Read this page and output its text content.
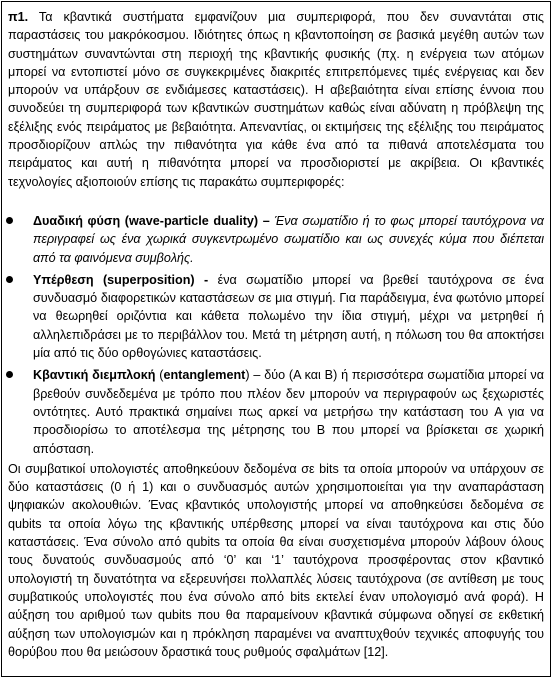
π1. Τα κβαντικά συστήματα εμφανίζουν μια συμπεριφορά, που δεν συναντάται στις παραστάσεις του μακρόκοσμου. Ιδιότητες όπως η κβαντοποίηση σε βασικά μεγέθη αυτών των συστημάτων συναντώνται στη περιοχή της κβαντικής φυσικής (πχ. η ενέργεια των ατόμων μπορεί να εντοπιστεί μόνο σε συγκεκριμένες διακριτές επιτρεπόμενες τιμές ενέργειας και δεν μπορούν να υπάρξουν σε ενδιάμεσες καταστάσεις). Η αβεβαιότητα είναι επίσης έννοια που συνοδεύει τη συμπεριφορά των κβαντικών συστημάτων καθώς είναι αδύνατη η πρόβλεψη της εξέλιξης ενός πειράματος με βεβαιότητα. Απεναντίας, οι εκτιμήσεις της εξέλιξης του πειράματος προσδιορίζουν απλώς την πιθανότητα για κάθε ένα από τα πιθανά αποτελέσματα του πειράματος και αυτή η πιθανότητα μπορεί να προσδιοριστεί με ακρίβεια. Οι κβαντικές τεχνολογίες αξιοποιούν επίσης τις παρακάτω συμπεριφορές:

Δυαδική φύση (wave-particle duality) – Ένα σωματίδιο ή το φως μπορεί ταυτόχρονα να περιγραφεί ως ένα χωρικά συγκεντρωμένο σωματίδιο και ως συνεχές κύμα που διέπεται από τα φαινόμενα συμβολής.
Υπέρθεση (superposition) - ένα σωματίδιο μπορεί να βρεθεί ταυτόχρονα σε ένα συνδυασμό διαφορετικών καταστάσεων σε μια στιγμή. Για παράδειγμα, ένα φωτόνιο μπορεί να θεωρηθεί οριζόντια και κάθετα πολωμένο την ίδια στιγμή, μέχρι να μετρηθεί ή αλληλεπιδράσει με το περιβάλλον του. Μετά τη μέτρηση αυτή, η πόλωση του θα αποκτήσει μία από τις δύο ορθογώνιες καταστάσεις.
Κβαντική διεμπλοκή (entanglement) – δύο (A και B) ή περισσότερα σωματίδια μπορεί να βρεθούν συνδεδεμένα με τρόπο που πλέον δεν μπορούν να περιγραφούν ως ξεχωριστές οντότητες. Αυτό πρακτικά σημαίνει πως αρκεί να μετρήσω την κατάσταση του A για να προσδιορίσω το αποτέλεσμα της μέτρησης του B που μπορεί να βρίσκεται σε χωρική απόσταση.

Οι συμβατικοί υπολογιστές αποθηκεύουν δεδομένα σε bits τα οποία μπορούν να υπάρχουν σε δύο καταστάσεις (0 ή 1) και ο συνδυασμός αυτών χρησιμοποιείται για την αναπαράσταση ψηφιακών ακολουθιών. Ένας κβαντικός υπολογιστής μπορεί να αποθηκεύσει δεδομένα σε qubits τα οποία λόγω της κβαντικής υπέρθεσης μπορεί να είναι ταυτόχρονα και στις δύο καταστάσεις. Ένα σύνολο από qubits τα οποία θα είναι συσχετισμένα μπορούν λάβουν όλους τους δυνατούς συνδυασμούς από ‘0’ και ‘1’ ταυτόχρονα προσφέροντας στον κβαντικό υπολογιστή τη δυνατότητα να εξερευνήσει πολλαπλές λύσεις ταυτόχρονα (σε αντίθεση με τους συμβατικούς υπολογιστές που ένα σύνολο από bits εκτελεί έναν υπολογισμό ανά φορά). Η αύξηση του αριθμού των qubits που θα παραμείνουν κβαντικά σύμφωνα οδηγεί σε εκθετική αύξηση των υπολογισμών και η πρόκληση παραμένει να αναπτυχθούν τεχνικές αποφυγής του θορύβου που θα μειώσουν δραστικά τους ρυθμούς σφαλμάτων [12].
